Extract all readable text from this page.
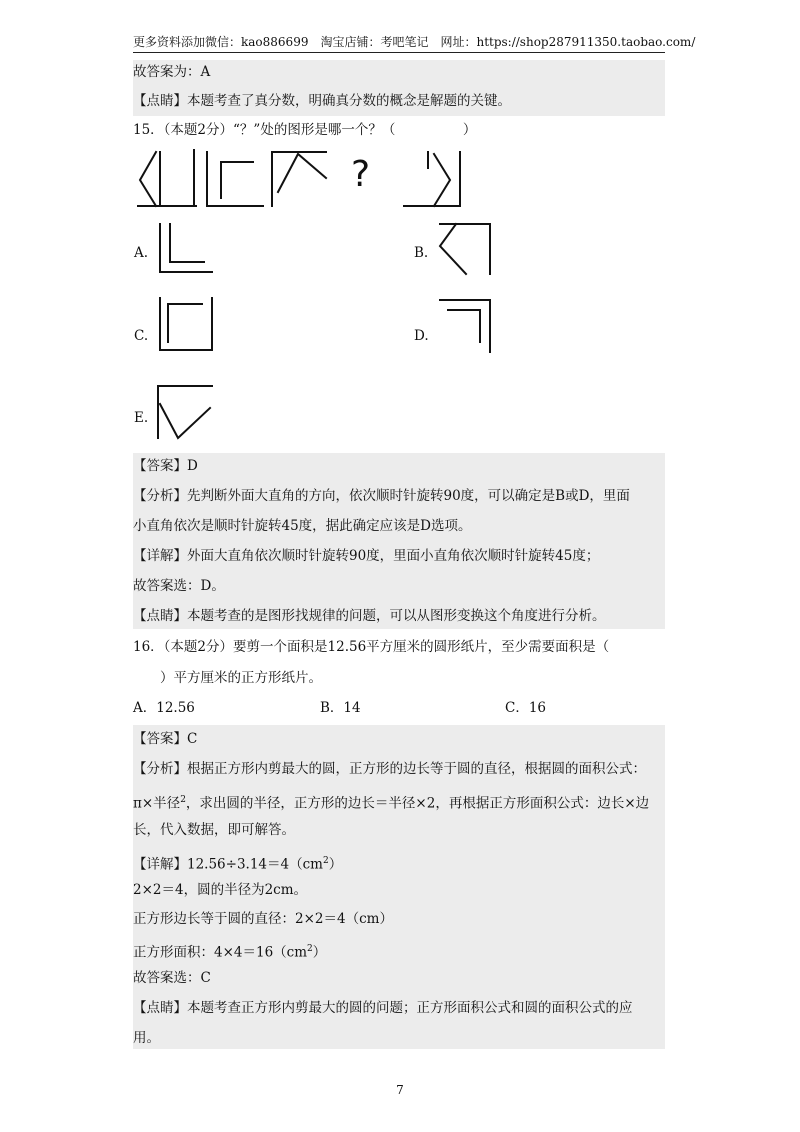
更多资料添加微信：kao886699　淘宝店铺：考吧笔记　网址：https://shop287911350.taobao.com/
故答案为：A
【点睛】本题考查了真分数，明确真分数的概念是解题的关键。
15．（本题2分）“？”处的图形是哪一个？（　　　　　）
?
A.	B.
C.	D.
E.
【答案】D
【分析】先判断外面大直角的方向，依次顺时针旋转90度，可以确定是B或D，里面
小直角依次是顺时针旋转45度，据此确定应该是D选项。
【详解】外面大直角依次顺时针旋转90度，里面小直角依次顺时针旋转45度；
故答案选：D。
【点睛】本题考查的是图形找规律的问题，可以从图形变换这个角度进行分析。
16．（本题2分）要剪一个面积是12.56平方厘米的圆形纸片，至少需要面积是（
）平方厘米的正方形纸片。
A．12.56	B．14	C．16
【答案】C
【分析】根据正方形内剪最大的圆，正方形的边长等于圆的直径，根据圆的面积公式：
π×半径$^2$，求出圆的半径，正方形的边长＝半径×2，再根据正方形面积公式：边长×边
长，代入数据，即可解答。
【详解】$12.56\div 3.14=4(cm^2)$
2×2＝4，圆的半径为2cm。
正方形边长等于圆的直径：2×2＝4（cm）
正方形面积：$4\times 4=16(cm^2)$
故答案选：C
【点睛】本题考查正方形内剪最大的圆的问题；正方形面积公式和圆的面积公式的应
用。
7
